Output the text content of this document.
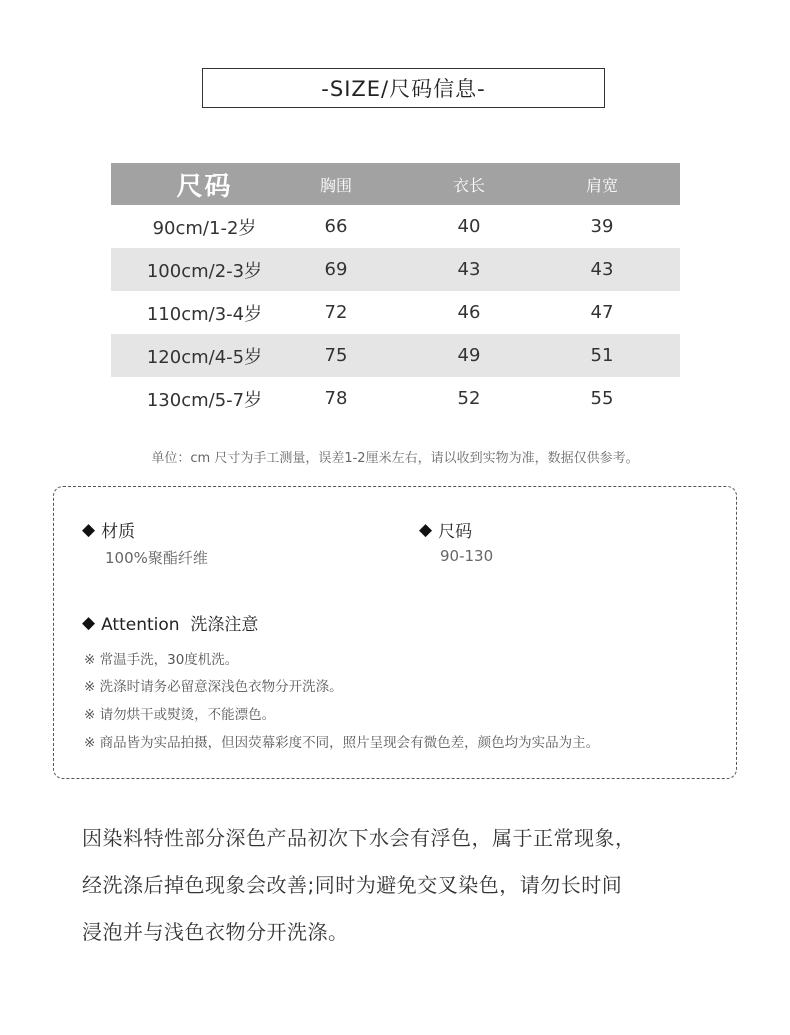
-SIZE/尺码信息-
尺码	胸围	衣长	肩宽
90cm/1-2岁	66	40	39
100cm/2-3岁	69	43	43
110cm/3-4岁	72	46	47
120cm/4-5岁	75	49	51
130cm/5-7岁	78	52	55
单位：cm 尺寸为手工测量，误差1-2厘米左右，请以收到实物为准，数据仅供参考。
◆ 材质
100%聚酯纤维
◆ 尺码
90-130
◆ Attention  洗涤注意
※ 常温手洗，30度机洗。
※ 洗涤时请务必留意深浅色衣物分开洗涤。
※ 请勿烘干或熨烫，不能漂色。
※ 商品皆为实品拍摄，但因荧幕彩度不同，照片呈现会有微色差，颜色均为实品为主。
因染料特性部分深色产品初次下水会有浮色，属于正常现象，
经洗涤后掉色现象会改善;同时为避免交叉染色，请勿长时间
浸泡并与浅色衣物分开洗涤。
